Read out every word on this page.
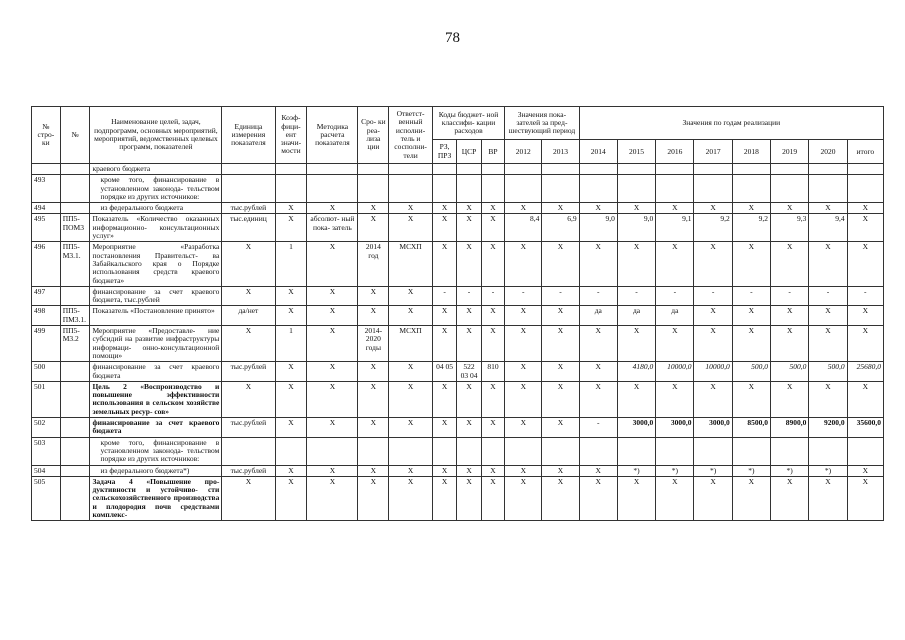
78
№ стро- ки	№	Наименование целей, задач, подпрограмм, основных мероприятий, мероприятий, ведомственных целевых программ, показателей	Единица измерения показателя	Коэф- фици- ент значи- мости	Методика расчета показателя	Сро- ки реа- лиза ции	Ответст- венный исполни- тель и сосполни- тели	Коды бюджет- ной классифи- кации расходов			Значения пока- зателей за пред- шествующий период		Значения по годам реализации							
								РЗ, ПРЗ	ЦСР	ВР	2012	2013	2014	2015	2016	2017	2018	2019	2020	итого
		краевого бюджета																		
493		кроме того, финансирование в установленном законода- тельством порядке из других источников:																		
494		из федерального бюджета	тыс.рублей	Х	Х	Х	Х	Х	Х	Х	Х	Х	Х	Х	Х	Х	Х	Х	Х	Х
495	ПП5- ПОМ3	Показатель «Количество оказанных информационно- консультационных услуг»	тыс.единиц	Х	абсолют- ный пока- затель	Х	Х	Х	Х	Х	8,4	6,9	9,0	9,0	9,1	9,2	9,2	9,3	9,4	Х
496	ПП5- М3.1.	Мероприятие «Разработка постановления Правительст- ва Забайкальского края о Порядке использования средств краевого бюджета»	Х	1	Х	2014 год	МСХП	Х	Х	Х	Х	Х	Х	Х	Х	Х	Х	Х	Х	Х
497		финансирование за счет краевого бюджета, тыс.рублей	Х	Х	Х	Х	Х	-	-	-	-	-	-	-	-	-	-	-	-	-
498	ПП5- ПМ3.1.	Показатель «Постановление принято»	да/нет	Х	Х	Х	Х	Х	Х	Х	Х	Х	да	да	да	Х	Х	Х	Х	Х
499	ПП5- М3.2	Мероприятие «Предоставле- ние субсидий на развитие инфраструктуры информаци- онно-консультационной помощи»	Х	1	Х	2014- 2020 годы	МСХП	Х	Х	Х	Х	Х	Х	Х	Х	Х	Х	Х	Х	Х
500		финансирование за счет краевого бюджета	тыс.рублей	Х	Х	Х	Х	04 05	522 03 04	810	Х	Х	Х	4180,0	10000,0	10000,0	500,0	500,0	500,0	25680,0
501		Цель 2 «Воспроизводство и повышение эффективности использования в сельском хозяйстве земельных ресур- сов»	Х	Х	Х	Х	Х	Х	Х	Х	Х	Х	Х	Х	Х	Х	Х	Х	Х	Х
502		финансирование за счет краевого бюджета	тыс.рублей	Х	Х	Х	Х	Х	Х	Х	Х	Х	-	3000,0	3000,0	3000,0	8500,0	8900,0	9200,0	35600,0
503		кроме того, финансирование в установленном законода- тельством порядке из других источников:																		
504		из федерального бюджета*)	тыс.рублей	Х	Х	Х	Х	Х	Х	Х	Х	Х	Х	*)	*)	*)	*)	*)	*)	Х
505		Задача 4 «Повышение про- дуктивности и устойчиво- сти сельскохозяйственного производства и плодородия почв средствами комплекс-	Х	Х	Х	Х	Х	Х	Х	Х	Х	Х	Х	Х	Х	Х	Х	Х	Х	Х
